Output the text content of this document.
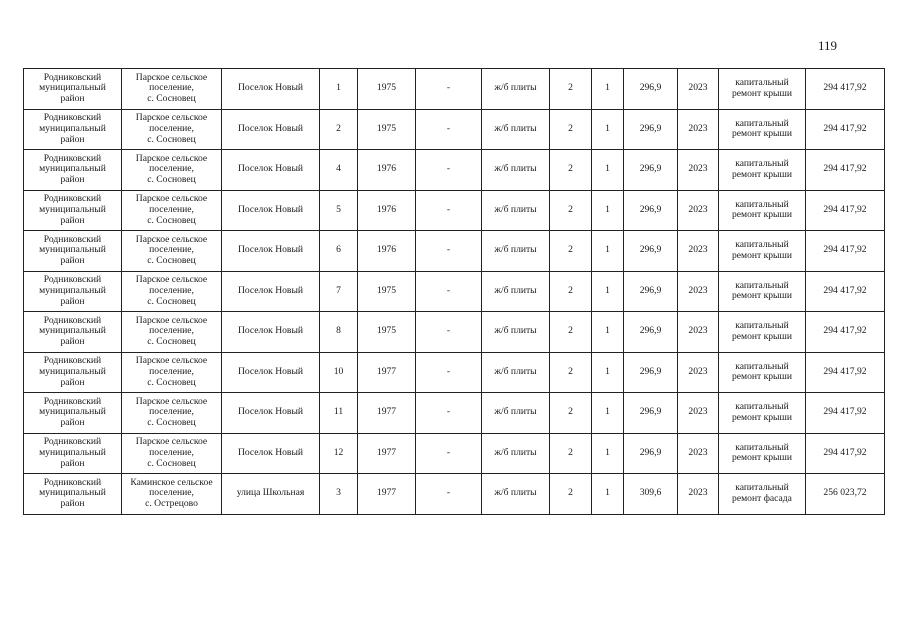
119
Родниковский
муниципальный
район	Парское сельское
поселение,
с. Сосновец	Поселок Новый	1	1975	-	ж/б плиты	2	1	296,9	2023	капитальный
ремонт крыши	294 417,92
Родниковский
муниципальный
район	Парское сельское
поселение,
с. Сосновец	Поселок Новый	2	1975	-	ж/б плиты	2	1	296,9	2023	капитальный
ремонт крыши	294 417,92
Родниковский
муниципальный
район	Парское сельское
поселение,
с. Сосновец	Поселок Новый	4	1976	-	ж/б плиты	2	1	296,9	2023	капитальный
ремонт крыши	294 417,92
Родниковский
муниципальный
район	Парское сельское
поселение,
с. Сосновец	Поселок Новый	5	1976	-	ж/б плиты	2	1	296,9	2023	капитальный
ремонт крыши	294 417,92
Родниковский
муниципальный
район	Парское сельское
поселение,
с. Сосновец	Поселок Новый	6	1976	-	ж/б плиты	2	1	296,9	2023	капитальный
ремонт крыши	294 417,92
Родниковский
муниципальный
район	Парское сельское
поселение,
с. Сосновец	Поселок Новый	7	1975	-	ж/б плиты	2	1	296,9	2023	капитальный
ремонт крыши	294 417,92
Родниковский
муниципальный
район	Парское сельское
поселение,
с. Сосновец	Поселок Новый	8	1975	-	ж/б плиты	2	1	296,9	2023	капитальный
ремонт крыши	294 417,92
Родниковский
муниципальный
район	Парское сельское
поселение,
с. Сосновец	Поселок Новый	10	1977	-	ж/б плиты	2	1	296,9	2023	капитальный
ремонт крыши	294 417,92
Родниковский
муниципальный
район	Парское сельское
поселение,
с. Сосновец	Поселок Новый	11	1977	-	ж/б плиты	2	1	296,9	2023	капитальный
ремонт крыши	294 417,92
Родниковский
муниципальный
район	Парское сельское
поселение,
с. Сосновец	Поселок Новый	12	1977	-	ж/б плиты	2	1	296,9	2023	капитальный
ремонт крыши	294 417,92
Родниковский
муниципальный
район	Каминское сельское
поселение,
с. Острецово	улица Школьная	3	1977	-	ж/б плиты	2	1	309,6	2023	капитальный
ремонт фасада	256 023,72
